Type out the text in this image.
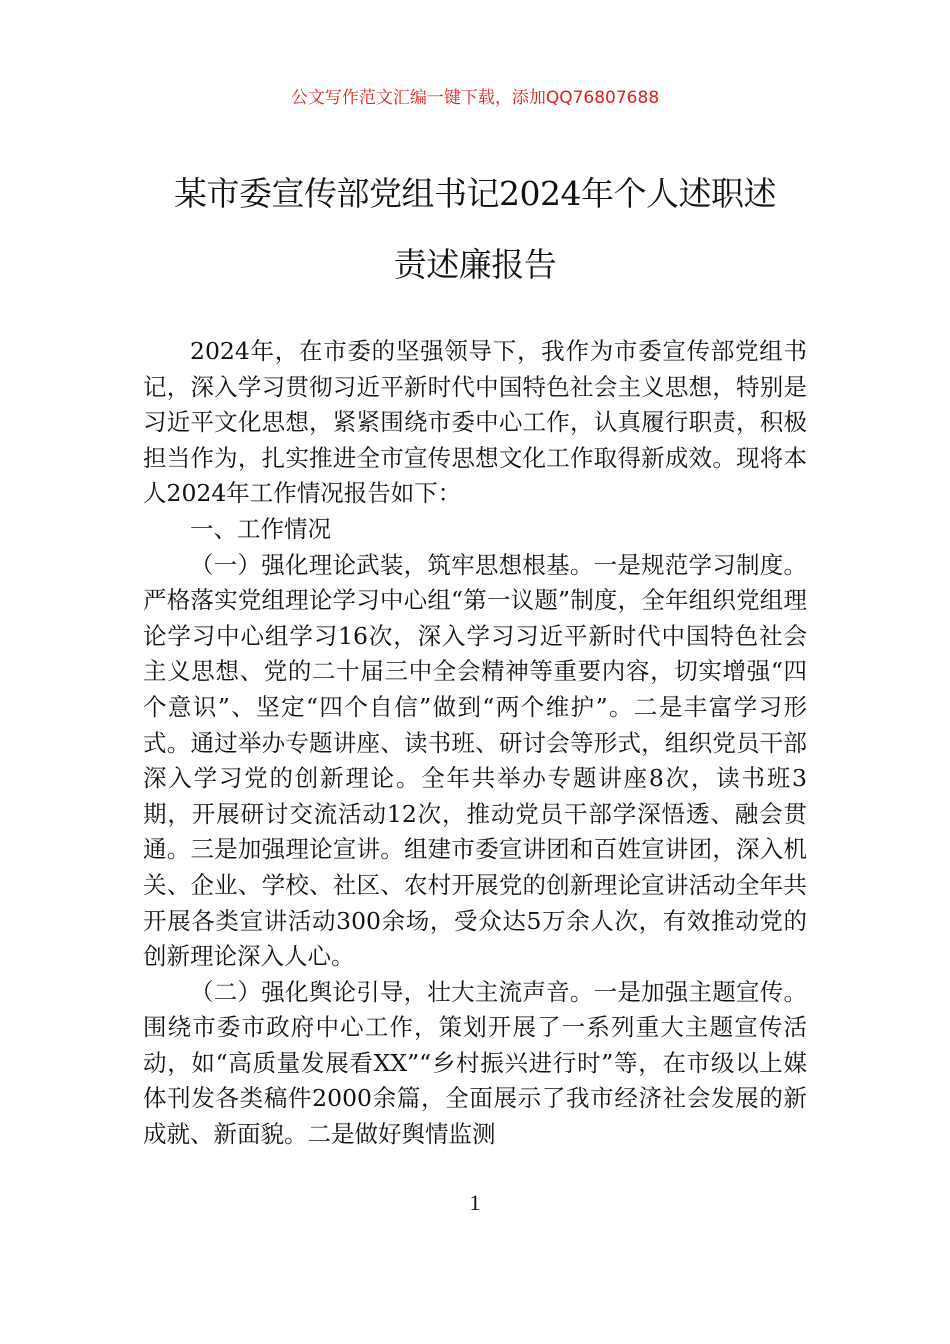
公文写作范文汇编一键下载，添加QQ76807688
某市委宣传部党组书记2024年个人述职述
责述廉报告

2024年，在市委的坚强领导下，我作为市委宣传部党组书记，深入学习贯彻习近平新时代中国特色社会主义思想，特别是习近平文化思想，紧紧围绕市委中心工作，认真履行职责，积极担当作为，扎实推进全市宣传思想文化工作取得新成效。现将本人2024年工作情况报告如下：

一、工作情况

（一）强化理论武装，筑牢思想根基。一是规范学习制度。严格落实党组理论学习中心组“第一议题”制度，全年组织党组理论学习中心组学习16次，深入学习习近平新时代中国特色社会主义思想、党的二十届三中全会精神等重要内容，切实增强“四个意识”、坚定“四个自信”做到“两个维护”。二是丰富学习形式。通过举办专题讲座、读书班、研讨会等形式，组织党员干部深入学习党的创新理论。全年共举办专题讲座8次，读书班3期，开展研讨交流活动12次，推动党员干部学深悟透、融会贯通。三是加强理论宣讲。组建市委宣讲团和百姓宣讲团，深入机关、企业、学校、社区、农村开展党的创新理论宣讲活动全年共开展各类宣讲活动300余场，受众达5万余人次，有效推动党的创新理论深入人心。

（二）强化舆论引导，壮大主流声音。一是加强主题宣传。围绕市委市政府中心工作，策划开展了一系列重大主题宣传活动，如“高质量发展看XX”“乡村振兴进行时”等，在市级以上媒体刊发各类稿件2000余篇，全面展示了我市经济社会发展的新成就、新面貌。二是做好舆情监测

1
